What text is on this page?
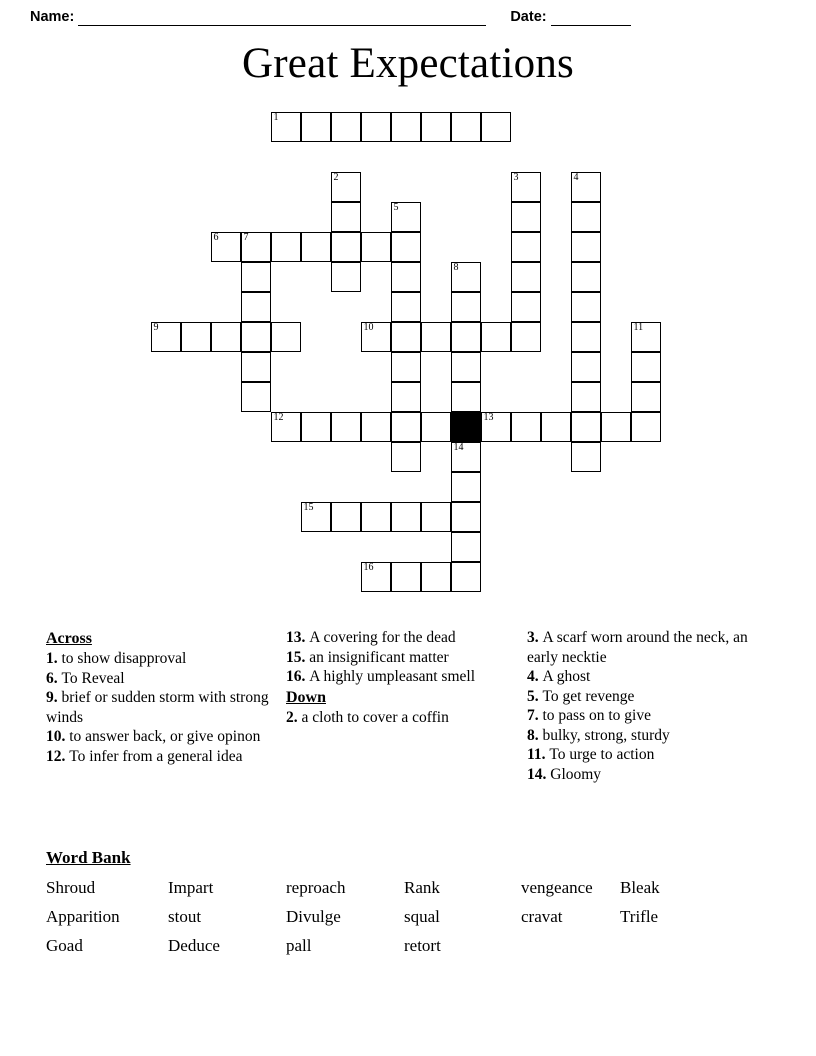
Name:	Date:
Great Expectations
1
2	3	4
5
6	7
8
9	10	11
12	13
14
15
16
Across
1. to show disapproval
6. To Reveal
9. brief or sudden storm with strong winds
10. to answer back, or give opinon
12. To infer from a general idea
13. A covering for the dead
15. an insignificant matter
16. A highly umpleasant smell
Down
2. a cloth to cover a coffin
3. A scarf worn around the neck, an early necktie
4. A ghost
5. To get revenge
7. to pass on to give
8. bulky, strong, sturdy
11. To urge to action
14. Gloomy
Word Bank
Shroud	Impart	reproach	Rank	vengeance	Bleak
Apparition	stout	Divulge	squal	cravat	Trifle
Goad	Deduce	pall	retort
